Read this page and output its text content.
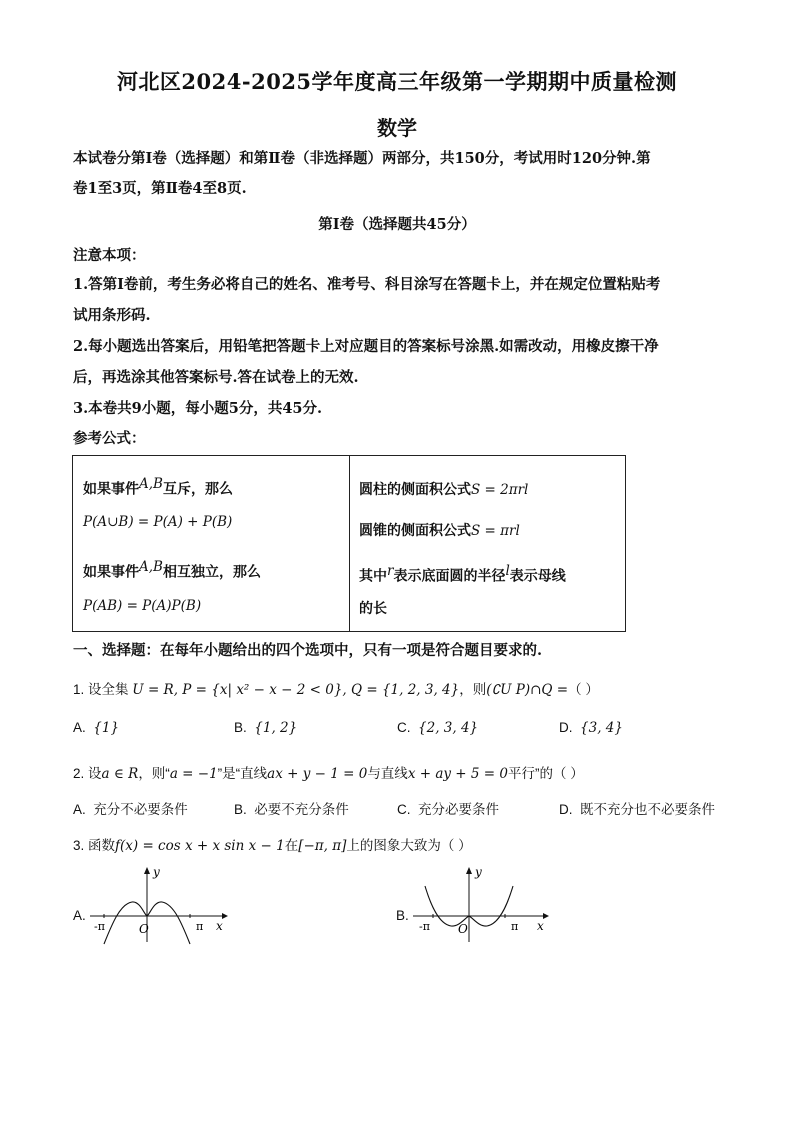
河北区2024-2025学年度高三年级第一学期期中质量检测
数学
本试卷分第Ⅰ卷（选择题）和第Ⅱ卷（非选择题）两部分，共150分，考试用时120分钟.第
卷1至3页，第Ⅱ卷4至8页.
第Ⅰ卷（选择题共45分）
注意本项：
1.答第Ⅰ卷前，考生务必将自己的姓名、准考号、科目涂写在答题卡上，并在规定位置粘贴考
试用条形码.
2.每小题选出答案后，用铅笔把答题卡上对应题目的答案标号涂黑.如需改动，用橡皮擦干净
后，再选涂其他答案标号.答在试卷上的无效.
3.本卷共9小题，每小题5分，共45分.
参考公式：
如果事件$^{A,B}$互斥，那么
P(A∪B) = P(A) + P(B)
如果事件$^{A,B}$相互独立，那么
P(AB) = P(A)P(B)
圆柱的侧面积公式S = 2πrl
圆锥的侧面积公式S = πrl
其中$^r$表示底面圆的半径$^l$表示母线
的长
一、选择题：在每年小题给出的四个选项中，只有一项是符合题目要求的.
1. 设全集 U = R, P = {x| x² − x − 2 < 0}, Q = {1, 2, 3, 4}，则(∁U P)∩Q =（ ）
A. {1}	B. {1, 2}	C. {2, 3, 4}	D. {3, 4}
2. 设a ∈ R，则“a = −1”是“直线ax + y − 1 = 0与直线x + ay + 5 = 0平行”的（ ）
A. 充分不必要条件	B. 必要不充分条件	C. 充分必要条件	D. 既不充分也不必要条件
3. 函数f(x) = cos x + x sin x − 1在[−π, π]上的图象大致为（ ）
A.
y
x
O
-π	π
B.
y
x
O
-π	π
